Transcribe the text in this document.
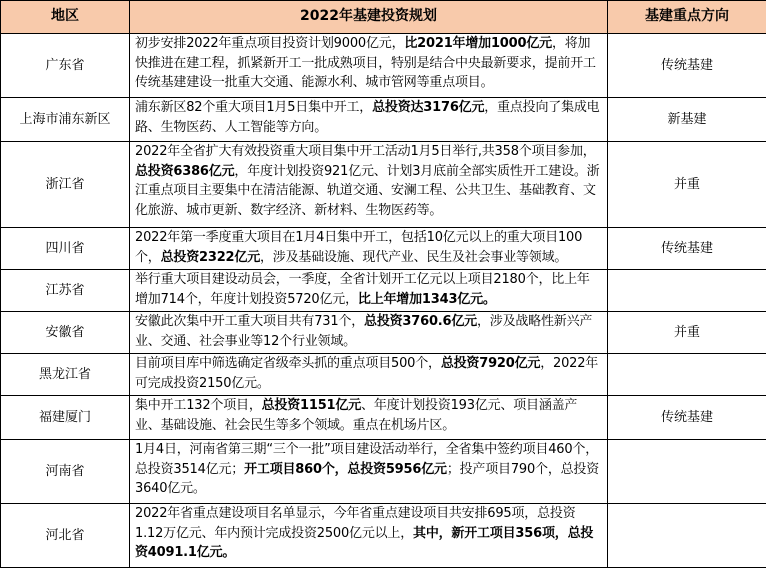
地区	2022年基建投资规划	基建重点方向
广东省	初步安排2022年重点项目投资计划9000亿元，比2021年增加1000亿元，将加快推进在建工程，抓紧新开工一批成熟项目，特别是结合中央最新要求，提前开工传统基建建设一批重大交通、能源水利、城市管网等重点项目。	传统基建
上海市浦东新区	浦东新区82个重大项目1月5日集中开工，总投资达3176亿元，重点投向了集成电路、生物医药、人工智能等方向。	新基建
浙江省	2022年全省扩大有效投资重大项目集中开工活动1月5日举行,共358个项目参加，总投资6386亿元，年度计划投资921亿元、计划3月底前全部实质性开工建设。浙江重点项目主要集中在清洁能源、轨道交通、安澜工程、公共卫生、基础教育、文化旅游、城市更新、数字经济、新材料、生物医药等。	并重
四川省	2022年第一季度重大项目在1月4日集中开工，包括10亿元以上的重大项目100个，总投资2322亿元，涉及基础设施、现代产业、民生及社会事业等领域。	传统基建
江苏省	举行重大项目建设动员会，一季度，全省计划开工亿元以上项目2180个，比上年增加714个，年度计划投资5720亿元，比上年增加1343亿元。	
安徽省	安徽此次集中开工重大项目共有731个，总投资3760.6亿元，涉及战略性新兴产业、交通、社会事业等12个行业领域。	并重
黑龙江省	目前项目库中筛选确定省级牵头抓的重点项目500个，总投资7920亿元，2022年可完成投资2150亿元。	
福建厦门	集中开工132个项目，总投资1151亿元、年度计划投资193亿元、项目涵盖产业、基础设施、社会民生等多个领域。重点在机场片区。	传统基建
河南省	1月4日，河南省第三期“三个一批”项目建设活动举行，全省集中签约项目460个，总投资3514亿元；开工项目860个，总投资5956亿元；投产项目790个，总投资3640亿元。	
河北省	2022年省重点建设项目名单显示，今年省重点建设项目共安排695项，总投资1.12万亿元、年内预计完成投资2500亿元以上，其中，新开工项目356项，总投资4091.1亿元。	
